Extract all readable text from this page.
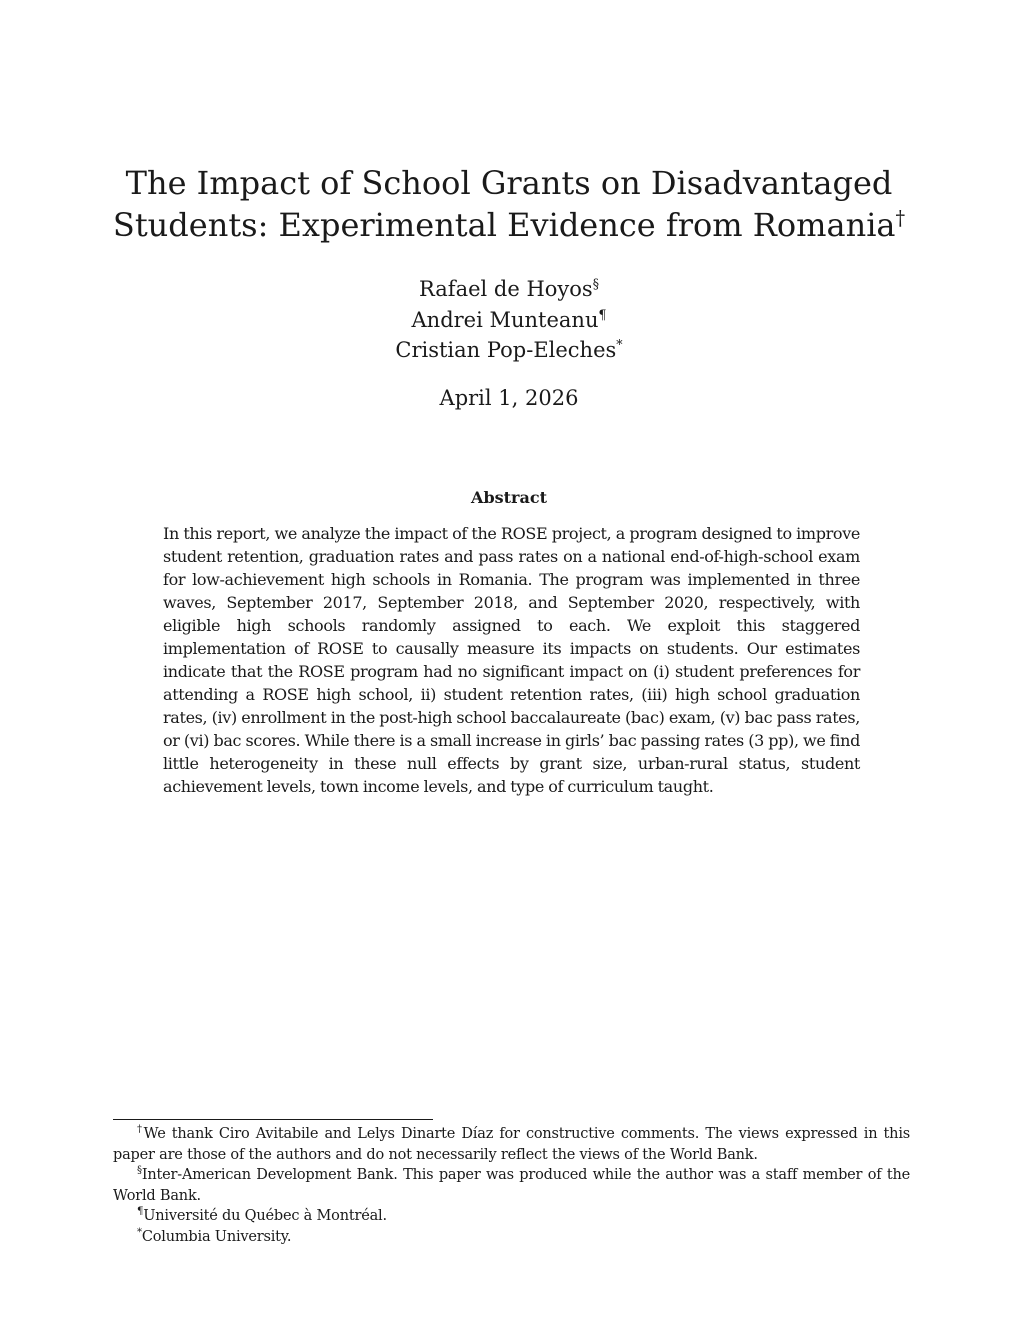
The Impact of School Grants on Disadvantaged
Students: Experimental Evidence from Romania†
Rafael de Hoyos§
Andrei Munteanu¶
Cristian Pop-Eleches*
April 1, 2026
Abstract

In this report, we analyze the impact of the ROSE project, a program designed to improve student retention, graduation rates and pass rates on a national end-of-high-school exam for low-achievement high schools in Romania. The program was implemented in three waves, September 2017, September 2018, and September 2020, respectively, with eligible high schools randomly assigned to each. We exploit this staggered implementation of ROSE to causally measure its impacts on students. Our estimates indicate that the ROSE program had no significant impact on (i) student preferences for attending a ROSE high school, ii) student retention rates, (iii) high school graduation rates, (iv) enrollment in the post-high school baccalaureate (bac) exam, (v) bac pass rates, or (vi) bac scores. While there is a small increase in girls’ bac passing rates (3 pp), we find little heterogeneity in these null effects by grant size, urban-rural status, student achievement levels, town income levels, and type of curriculum taught.

†We thank Ciro Avitabile and Lelys Dinarte Díaz for constructive comments. The views expressed in this paper are those of the authors and do not necessarily reflect the views of the World Bank.

§Inter-American Development Bank. This paper was produced while the author was a staff member of the World Bank.

¶Université du Québec à Montréal.

*Columbia University.
